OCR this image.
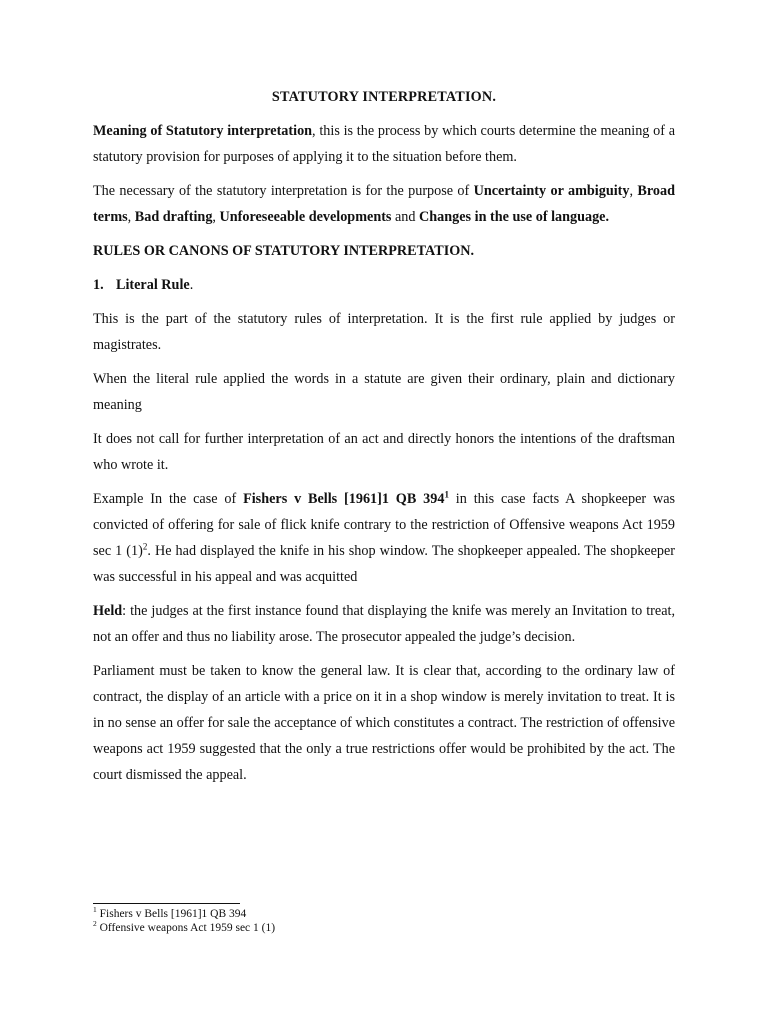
STATUTORY INTERPRETATION.

Meaning of Statutory interpretation, this is the process by which courts determine the meaning of a statutory provision for purposes of applying it to the situation before them.

The necessary of the statutory interpretation is for the purpose of Uncertainty or ambiguity, Broad terms, Bad drafting, Unforeseeable developments and Changes in the use of language.

RULES OR CANONS OF STATUTORY INTERPRETATION.
1. Literal Rule.

This is the part of the statutory rules of interpretation. It is the first rule applied by judges or magistrates.

When the literal rule applied the words in a statute are given their ordinary, plain and dictionary meaning

It does not call for further interpretation of an act and directly honors the intentions of the draftsman who wrote it.

Example In the case of Fishers v Bells [1961]1 QB $394^1$ in this case facts A shopkeeper was convicted of offering for sale of flick knife contrary to the restriction of Offensive weapons Act 1959 sec 1 $(1)^2$. He had displayed the knife in his shop window. The shopkeeper appealed. The shopkeeper was successful in his appeal and was acquitted

Held: the judges at the first instance found that displaying the knife was merely an Invitation to treat, not an offer and thus no liability arose. The prosecutor appealed the judge’s decision.

Parliament must be taken to know the general law. It is clear that, according to the ordinary law of contract, the display of an article with a price on it in a shop window is merely invitation to treat. It is in no sense an offer for sale the acceptance of which constitutes a contract. The restriction of offensive weapons act 1959 suggested that the only a true restrictions offer would be prohibited by the act. The court dismissed the appeal.

$^1$ Fishers v Bells [1961]1 QB 394

$^2$ Offensive weapons Act 1959 sec 1 (1)
